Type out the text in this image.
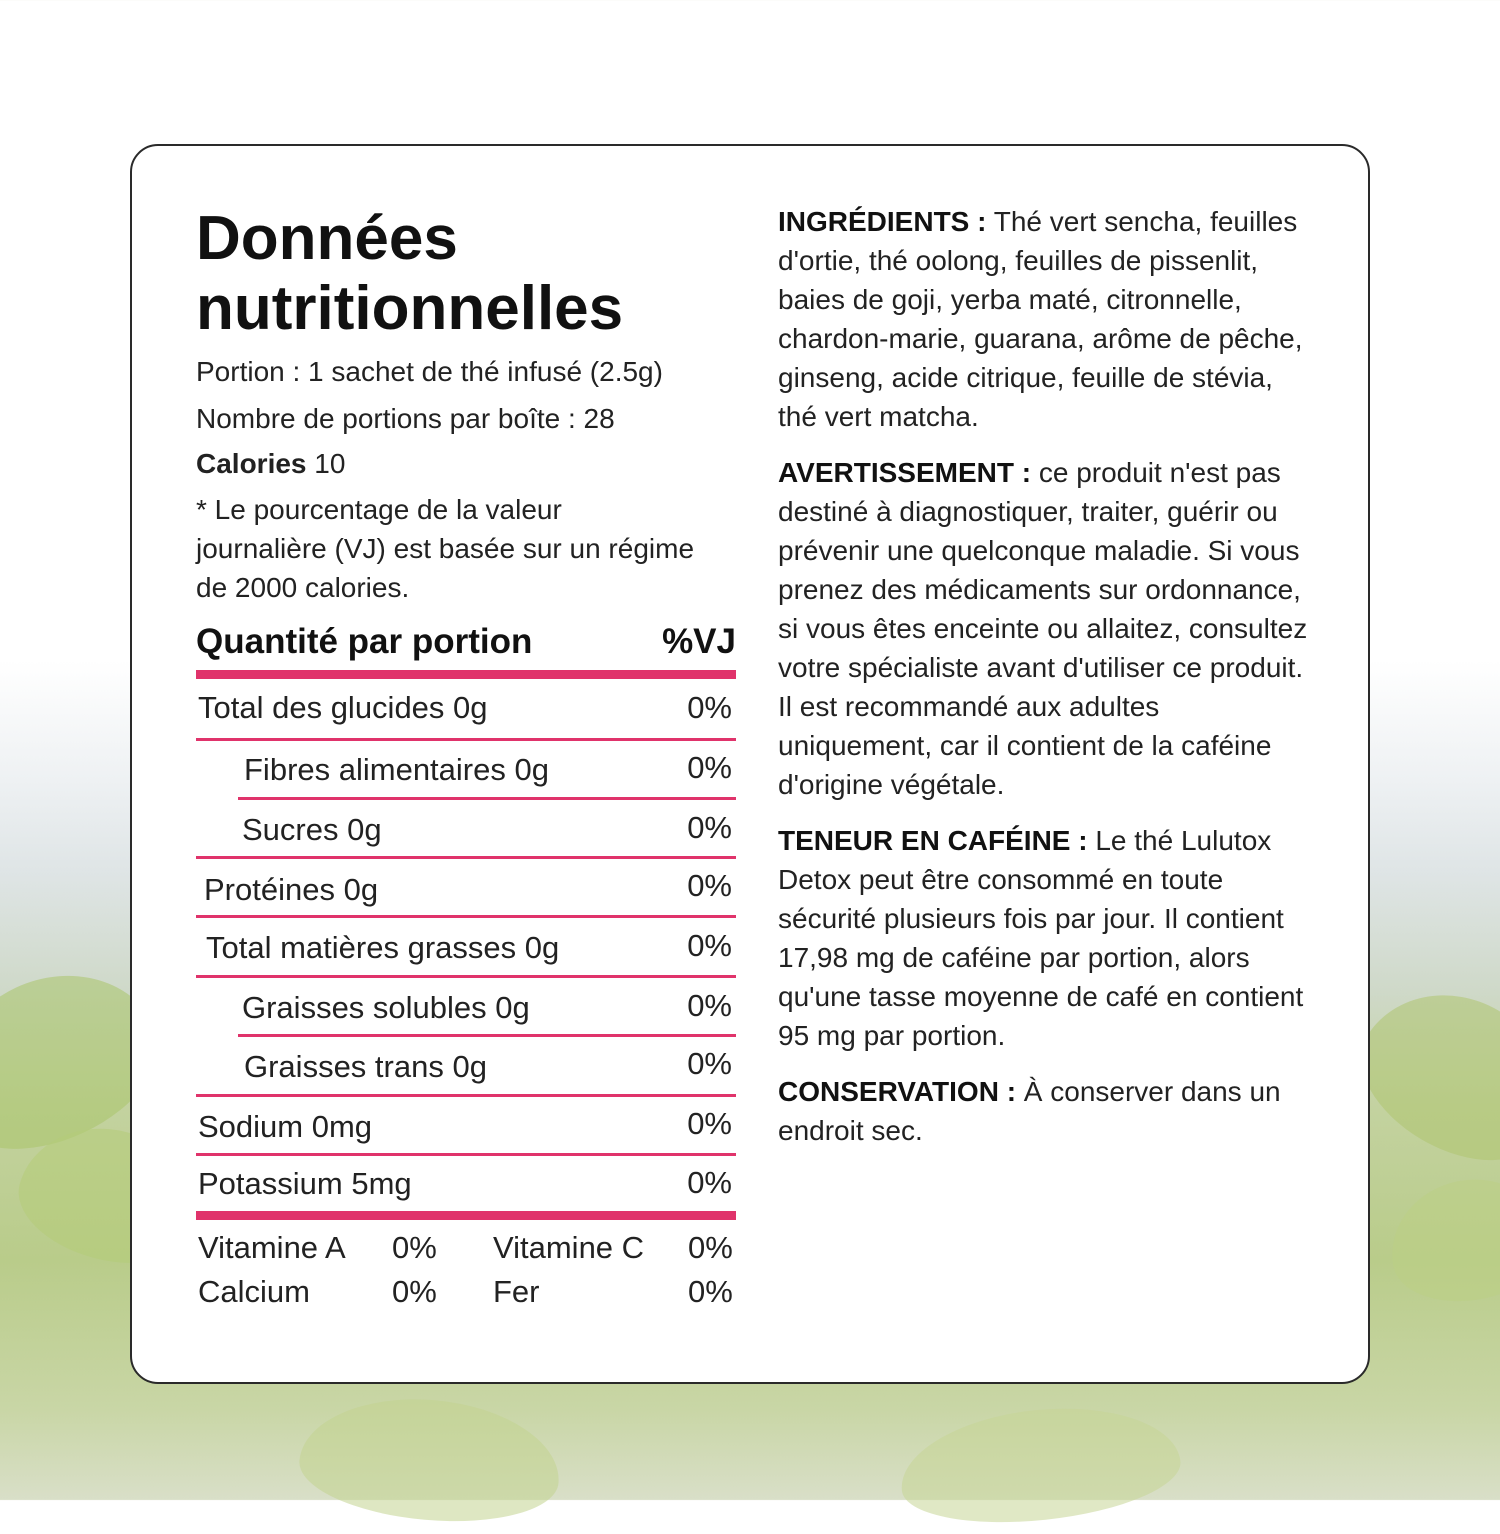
Données
nutritionnelles
Portion : 1 sachet de thé infusé (2.5g)
Nombre de portions par boîte : 28
Calories 10
* Le pourcentage de la valeur journalière (VJ) est basée sur un régime de 2000 calories.
Quantité par portion	%VJ
Total des glucides 0g	0%
Fibres alimentaires 0g	0%
Sucres 0g	0%
Protéines 0g	0%
Total matières grasses 0g	0%
Graisses solubles 0g	0%
Graisses trans 0g	0%
Sodium 0mg	0%
Potassium 5mg	0%
Vitamine A 0% Vitamine C 0%
Calcium	0% Fer	0%

INGRÉDIENTS : Thé vert sencha, feuilles d'ortie, thé oolong, feuilles de pissenlit, baies de goji, yerba maté, citronnelle, chardon-marie, guarana, arôme de pêche, ginseng, acide citrique, feuille de stévia, thé vert matcha.

AVERTISSEMENT : ce produit n'est pas destiné à diagnostiquer, traiter, guérir ou prévenir une quelconque maladie. Si vous prenez des médicaments sur ordonnance, si vous êtes enceinte ou allaitez, consultez votre spécialiste avant d'utiliser ce produit. Il est recommandé aux adultes uniquement, car il contient de la caféine d'origine végétale.

TENEUR EN CAFÉINE : Le thé Lulutox Detox peut être consommé en toute sécurité plusieurs fois par jour. Il contient 17,98 mg de caféine par portion, alors qu'une tasse moyenne de café en contient 95 mg par portion.

CONSERVATION : À conserver dans un endroit sec.
